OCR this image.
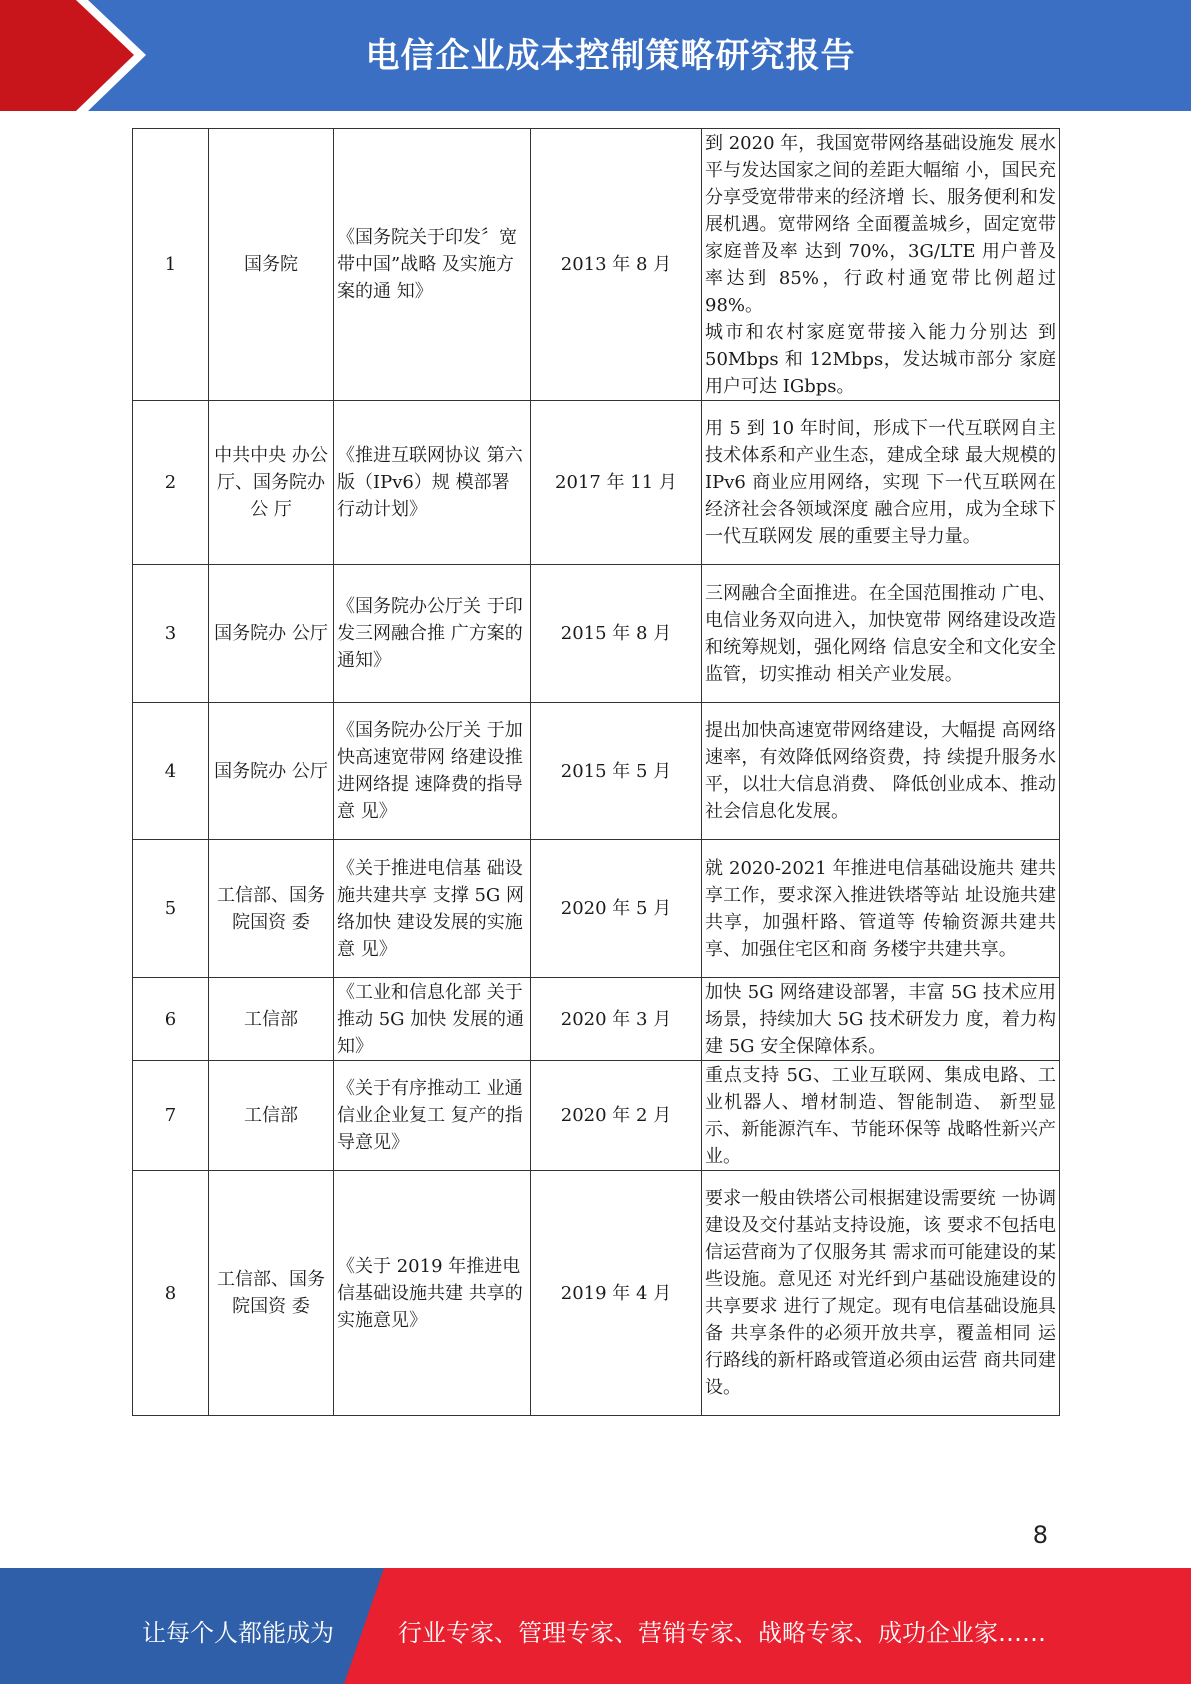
电信企业成本控制策略研究报告
1	国务院	《国务院关于印发〞宽带中国”战略 及实施方案的通 知》	2013 年 8 月	到 2020 年，我国宽带网络基础设施发 展水平与发达国家之间的差距大幅缩 小，国民充分享受宽带带来的经济增 长、服务便利和发展机遇。宽带网络 全面覆盖城乡，固定宽带家庭普及率 达到 70%，3G/LTE 用户普及率达到 85%，行政村通宽带比例超过 98%。
城市和农村家庭宽带接入能力分别达 到 50Mbps 和 12Mbps，发达城市部分 家庭用户可达 IGbps。

2	中共中央 办公厅、国务院办公 厅	《推进互联网协议 第六版（IPv6）规 模部署行动计划》	2017 年 11 月	用 5 到 10 年时间，形成下一代互联网自主技术体系和产业生态，建成全球 最大规模的 IPv6 商业应用网络，实现 下一代互联网在经济社会各领域深度 融合应用，成为全球下一代互联网发 展的重要主导力量。

3	国务院办 公厅	《国务院办公厅关 于印发三网融合推 广方案的通知》	2015 年 8 月	三网融合全面推进。在全国范围推动 广电、电信业务双向进入，加快宽带 网络建设改造和统筹规划，强化网络 信息安全和文化安全监管，切实推动 相关产业发展。

4	国务院办 公厅	《国务院办公厅关 于加快高速宽带网 络建设推进网络提 速降费的指导意 见》	2015 年 5 月	提出加快高速宽带网络建设，大幅提 高网络速率，有效降低网络资费，持 续提升服务水平，以壮大信息消费、 降低创业成本、推动社会信息化发展。

5	工信部、国务院国资 委	《关于推进电信基 础设施共建共享 支撑 5G 网络加快 建设发展的实施意 见》	2020 年 5 月	就 2020-2021 年推进电信基础设施共 建共享工作，要求深入推进铁塔等站 址设施共建共享，加强杆路、管道等 传输资源共建共享、加强住宅区和商 务楼宇共建共享。

6	工信部	《工业和信息化部 关于推动 5G 加快 发展的通知》	2020 年 3 月	加快 5G 网络建设部署，丰富 5G 技术应用场景，持续加大 5G 技术研发力 度，着力构建 5G 安全保障体系。

7	工信部	《关于有序推动工 业通信业企业复工 复产的指导意见》	2020 年 2 月	重点支持 5G、工业互联网、集成电路、工业机器人、增材制造、智能制造、 新型显示、新能源汽车、节能环保等 战略性新兴产业。

8	工信部、国务院国资 委	《关于 2019 年推进电信基础设施共建 共享的实施意见》	2019 年 4 月	要求一般由铁塔公司根据建设需要统 一协调建设及交付基站支持设施，该 要求不包括电信运营商为了仅服务其 需求而可能建设的某些设施。意见还 对光纤到户基础设施建设的共享要求 进行了规定。现有电信基础设施具备 共享条件的必须开放共享，覆盖相同 运行路线的新杆路或管道必须由运营 商共同建设。
8
让每个人都能成为	行业专家、管理专家、营销专家、战略专家、成功企业家……
